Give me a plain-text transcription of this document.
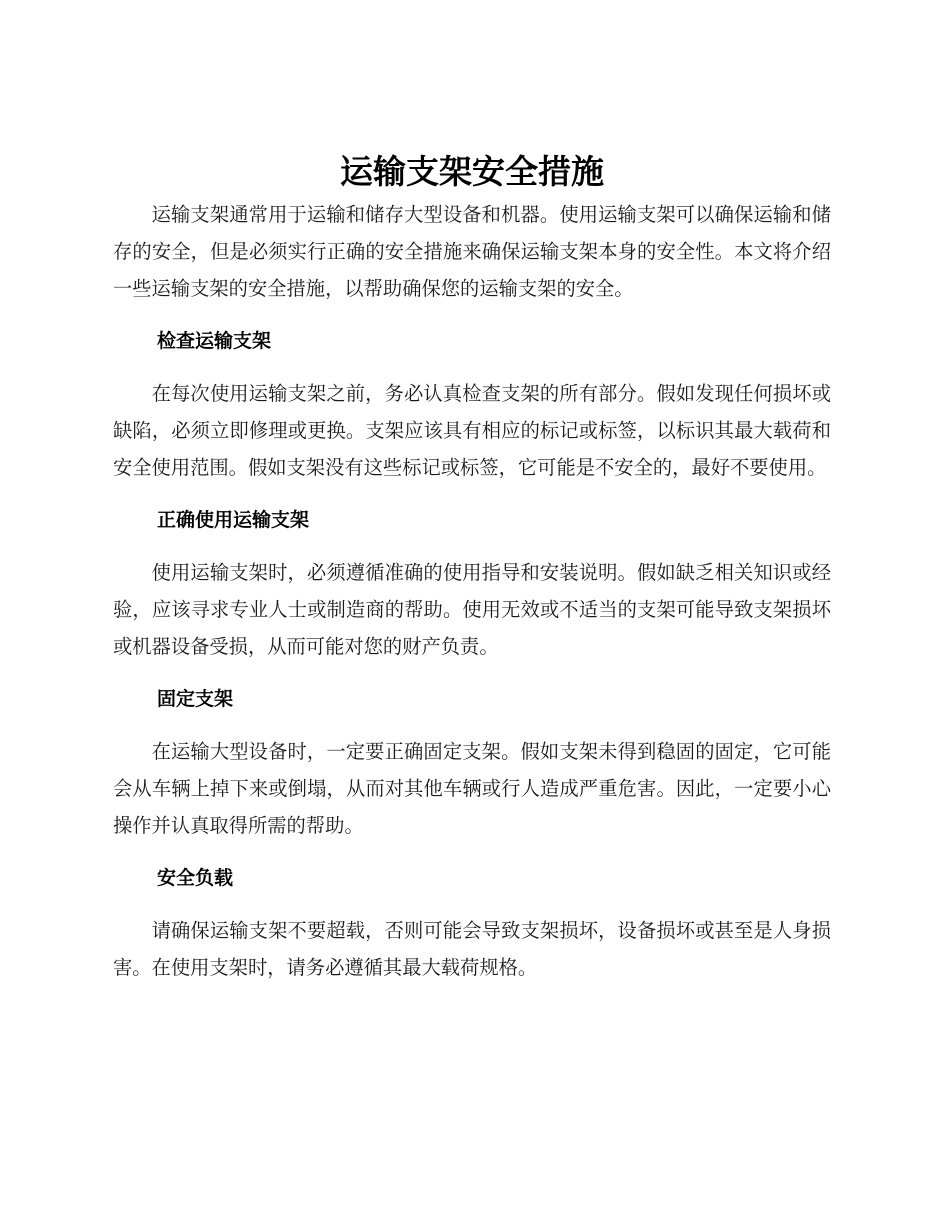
运输支架安全措施

运输支架通常用于运输和储存大型设备和机器。使用运输支架可以确保运输和储存的安全，但是必须实行正确的安全措施来确保运输支架本身的安全性。本文将介绍一些运输支架的安全措施，以帮助确保您的运输支架的安全。

检查运输支架

在每次使用运输支架之前，务必认真检查支架的所有部分。假如发现任何损坏或缺陷，必须立即修理或更换。支架应该具有相应的标记或标签，以标识其最大载荷和安全使用范围。假如支架没有这些标记或标签，它可能是不安全的，最好不要使用。

正确使用运输支架

使用运输支架时，必须遵循准确的使用指导和安装说明。假如缺乏相关知识或经验，应该寻求专业人士或制造商的帮助。使用无效或不适当的支架可能导致支架损坏或机器设备受损，从而可能对您的财产负责。

固定支架

在运输大型设备时，一定要正确固定支架。假如支架未得到稳固的固定，它可能会从车辆上掉下来或倒塌，从而对其他车辆或行人造成严重危害。因此，一定要小心操作并认真取得所需的帮助。

安全负载

请确保运输支架不要超载，否则可能会导致支架损坏，设备损坏或甚至是人身损害。在使用支架时，请务必遵循其最大载荷规格。
